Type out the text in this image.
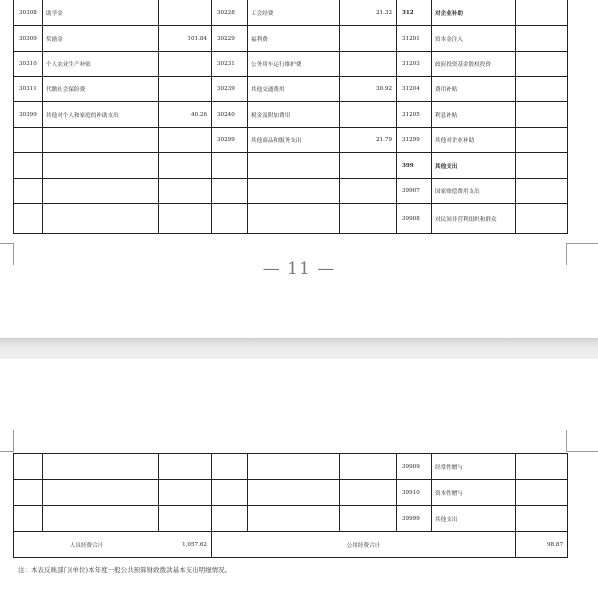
30308	助学金		30228	工会经费	21.32	312	对企业补助	
30309	奖励金	101.84	30229	福利费		31201	资本金注入	
30310	个人农业生产补贴		30231	公务用车运行维护费		31203	政府投资基金股权投资	
30311	代缴社会保险费		30239	其他交通费用	30.92	31204	费用补贴	
30399	其他对个人和家庭的补助支出	40.26	30240	税金及附加费用		31205	利息补贴	
			30299	其他商品和服务支出	21.79	31299	其他对企业补助	
						399	其他支出	
						39907	国家赔偿费用支出	
						39908	对民间非营利组织和群众	
— 11 —
						39909	经常性赠与	
						39910	资本性赠与	
						39999	其他支出	

人员经费合计 1,057.62			公用经费合计					98.87
注：本表反映部门(单位)本年度一般公共预算财政拨款基本支出明细情况。
